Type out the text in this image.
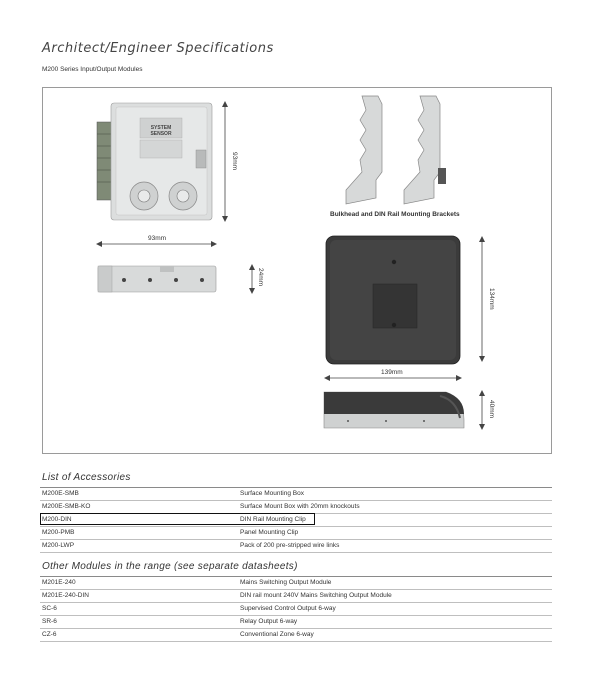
Architect/Engineer Specifications
M200 Series Input/Output Modules
SYSTEM SENSOR
93mm
93mm
24mm
Bulkhead and DIN Rail Mounting Brackets
134mm
139mm
40mm
List of Accessories
M200E-SMB	Surface Mounting Box
M200E-SMB-KO	Surface Mount Box with 20mm knockouts
M200-DIN	DIN Rail Mounting Clip
M200-PMB	Panel Mounting Clip
M200-LWP	Pack of 200 pre-stripped wire links
Other Modules in the range (see separate datasheets)
M201E-240	Mains Switching Output Module
M201E-240-DIN	DIN rail mount 240V Mains Switching Output Module
SC-6	Supervised Control Output 6-way
SR-6	Relay Output 6-way
CZ-6	Conventional Zone 6-way
